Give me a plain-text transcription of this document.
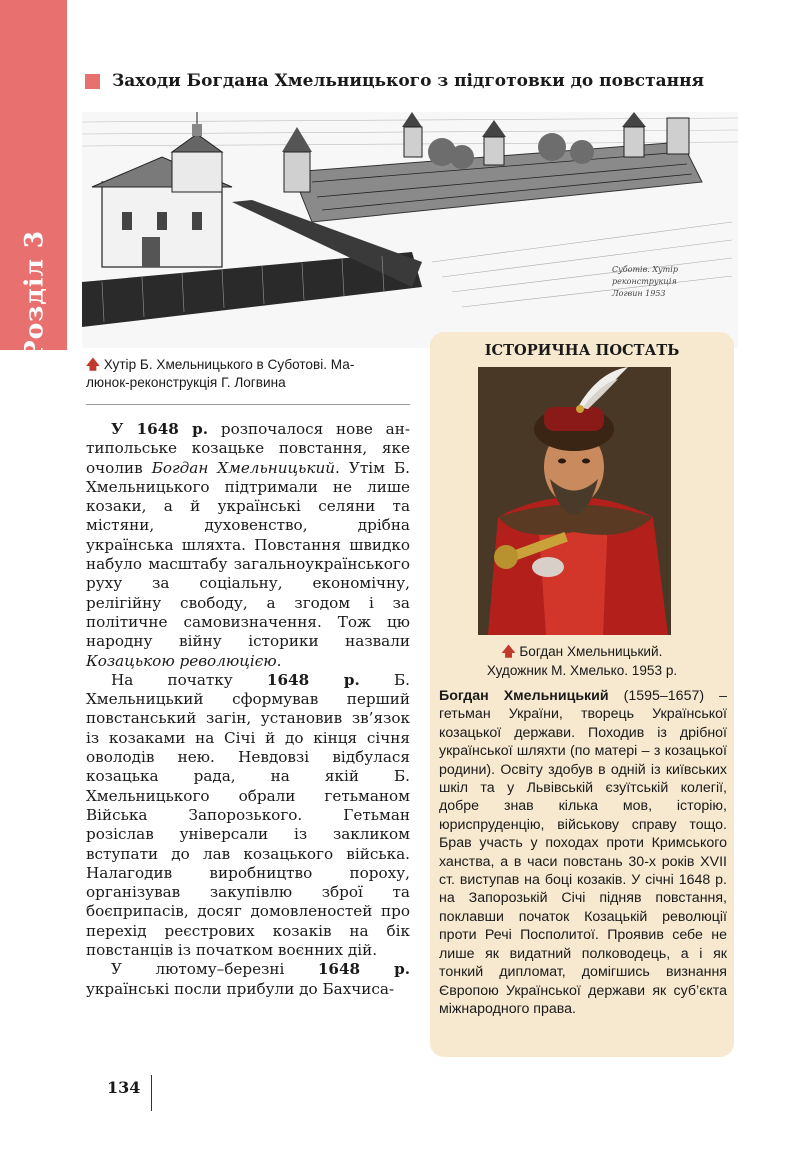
Розділ 3
Заходи Богдана Хмельницького з підготовки до повстання
Суботів. Хутір
реконструкція
Логвин 1953
🡅 Хутір Б. Хмельницького в Суботові. Ма-
люнок-реконструкція Г. Логвина

У 1648 р. розпочалося нове ан-типольське козацьке повстання, яке очолив Богдан Хмельницький. Утім Б. Хмельницького підтримали не лише козаки, а й українські селяни та містяни, духовенство, дрібна українська шляхта. Повстання швидко набуло масштабу загальноукраїнського руху за соціальну, економічну, релігійну свободу, а згодом і за політичне самовизначення. Тож цю народну війну історики назвали Козацькою революцією.

На початку 1648 р. Б. Хмельницький сформував перший повстанський загін, установив зв’язок із козаками на Січі й до кінця січня оволодів нею. Невдовзі відбулася козацька рада, на якій Б. Хмельницького обрали гетьманом Війська Запорозького. Гетьман розіслав універсали із закликом вступати до лав козацького війська. Налагодив виробництво пороху, організував закупівлю зброї та боєприпасів, досяг домовленостей про перехід реєстрових козаків на бік повстанців із початком воєнних дій.

У лютому–березні 1648 р. українські посли прибули до Бахчиса-

ІСТОРИЧНА ПОСТАТЬ
🡅 Богдан Хмельницький.
Художник М. Хмелько. 1953 р.
Богдан Хмельницький (1595–1657) – гетьман України, творець Української козацької держави. Походив із дрібної української шляхти (по матері – з козацької родини). Освіту здобув в одній із київських шкіл та у Львівській єзуїтській колегії, добре знав кілька мов, історію, юриспруденцію, військову справу тощо. Брав участь у походах проти Кримського ханства, а в часи повстань 30-х років XVII ст. виступав на боці козаків. У січні 1648 р. на Запорозькій Січі підняв повстання, поклавши початок Козацькій революції проти Речі Посполитої. Проявив себе не лише як видатний полководець, а і як тонкий дипломат, домігшись визнання Європою Української держави як суб’єкта міжнародного права.
134
